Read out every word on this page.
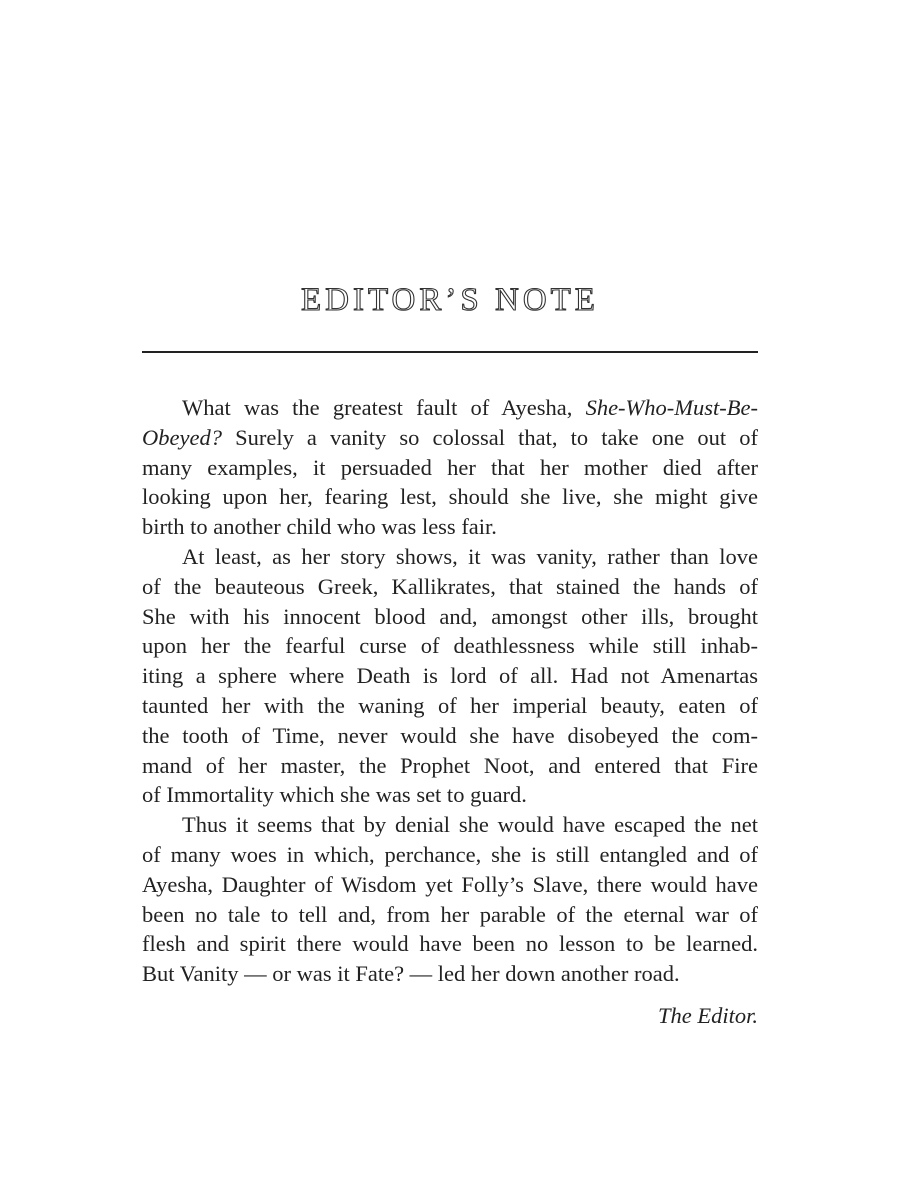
EDITOR’S NOTE
What was the greatest fault of Ayesha, She-Who-Must-Be-
Obeyed? Surely a vanity so colossal that, to take one out of
many examples, it persuaded her that her mother died after
looking upon her, fearing lest, should she live, she might give
birth to another child who was less fair.
At least, as her story shows, it was vanity, rather than love
of the beauteous Greek, Kallikrates, that stained the hands of
She with his innocent blood and, amongst other ills, brought
upon her the fearful curse of deathlessness while still inhab-
iting a sphere where Death is lord of all. Had not Amenartas
taunted her with the waning of her imperial beauty, eaten of
the tooth of Time, never would she have disobeyed the com-
mand of her master, the Prophet Noot, and entered that Fire
of Immortality which she was set to guard.
Thus it seems that by denial she would have escaped the net
of many woes in which, perchance, she is still entangled and of
Ayesha, Daughter of Wisdom yet Folly’s Slave, there would have
been no tale to tell and, from her parable of the eternal war of
flesh and spirit there would have been no lesson to be learned.
But Vanity — or was it Fate? — led her down another road.
The Editor.
